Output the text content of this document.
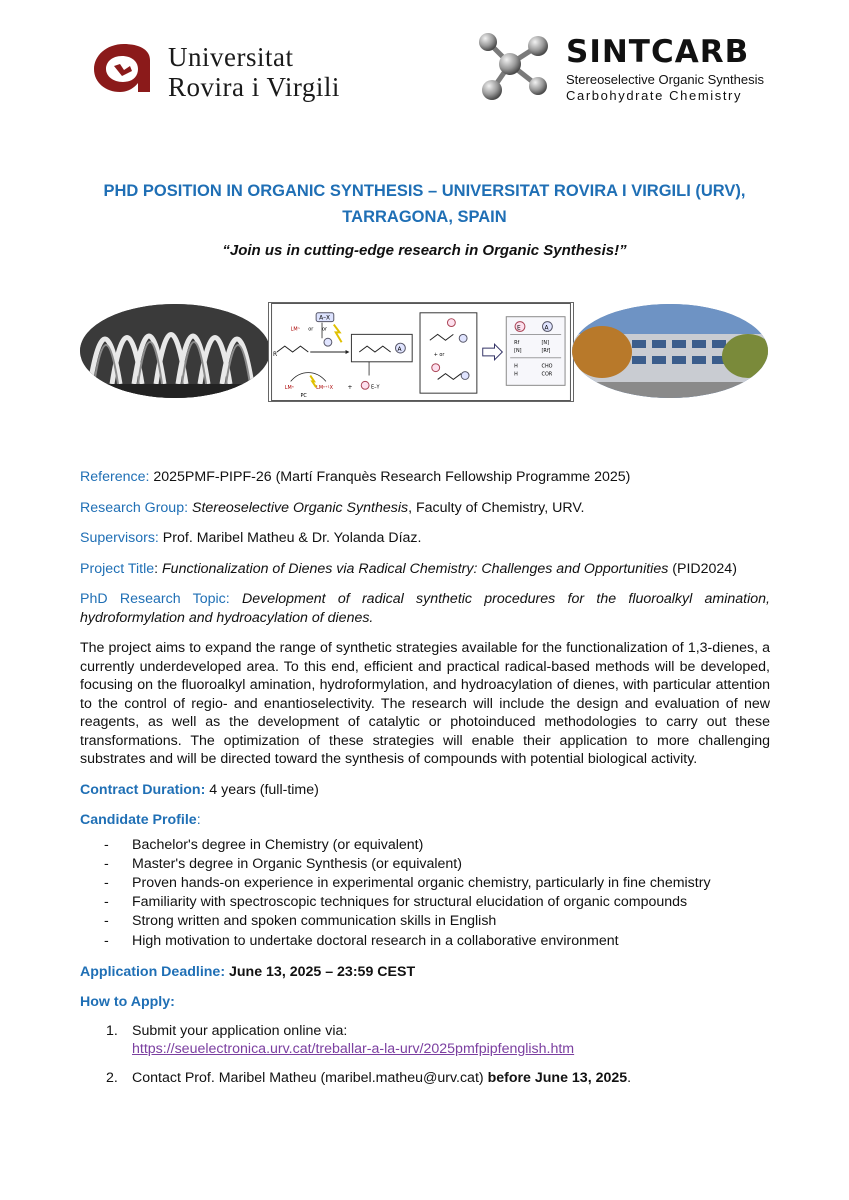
Universitat
Rovira i Virgili
SINTCARB
Stereoselective Organic Synthesis
Carbohydrate Chemistry
PHD POSITION IN ORGANIC SYNTHESIS – UNIVERSITAT ROVIRA I VIRGILI (URV),
TARRAGONA, SPAIN
“Join us in cutting-edge research in Organic Synthesis!”
R
A–X
LMⁿ or or
A
LMⁿ	LMⁿ⁺¹X
PC
+	E–Y
+ or
E	A
Rf	[N]
[N]	[Rf]
H	CHO
H	COR

Reference: 2025PMF-PIPF-26 (Martí Franquès Research Fellowship Programme 2025)

Research Group: Stereoselective Organic Synthesis, Faculty of Chemistry, URV.

Supervisors: Prof. Maribel Matheu & Dr. Yolanda Díaz.

Project Title: Functionalization of Dienes via Radical Chemistry: Challenges and Opportunities (PID2024)

PhD Research Topic: Development of radical synthetic procedures for the fluoroalkyl amination, hydroformylation and hydroacylation of dienes.

The project aims to expand the range of synthetic strategies available for the functionalization of 1,3-dienes, a currently underdeveloped area. To this end, efficient and practical radical-based methods will be developed, focusing on the fluoroalkyl amination, hydroformylation, and hydroacylation of dienes, with particular attention to the control of regio- and enantioselectivity. The research will include the design and evaluation of new reagents, as well as the development of catalytic or photoinduced methodologies to carry out these transformations. The optimization of these strategies will enable their application to more challenging substrates and will be directed toward the synthesis of compounds with potential biological activity.

Contract Duration: 4 years (full-time)

Candidate Profile:

- Bachelor's degree in Chemistry (or equivalent)
- Master's degree in Organic Synthesis (or equivalent)
- Proven hands-on experience in experimental organic chemistry, particularly in fine chemistry
- Familiarity with spectroscopic techniques for structural elucidation of organic compounds
- Strong written and spoken communication skills in English
- High motivation to undertake doctoral research in a collaborative environment

Application Deadline: June 13, 2025 – 23:59 CEST

How to Apply:

1. Submit your application online via:
https://seuelectronica.urv.cat/treballar-a-la-urv/2025pmfpipfenglish.htm
2. Contact Prof. Maribel Matheu (maribel.matheu@urv.cat) before June 13, 2025.
